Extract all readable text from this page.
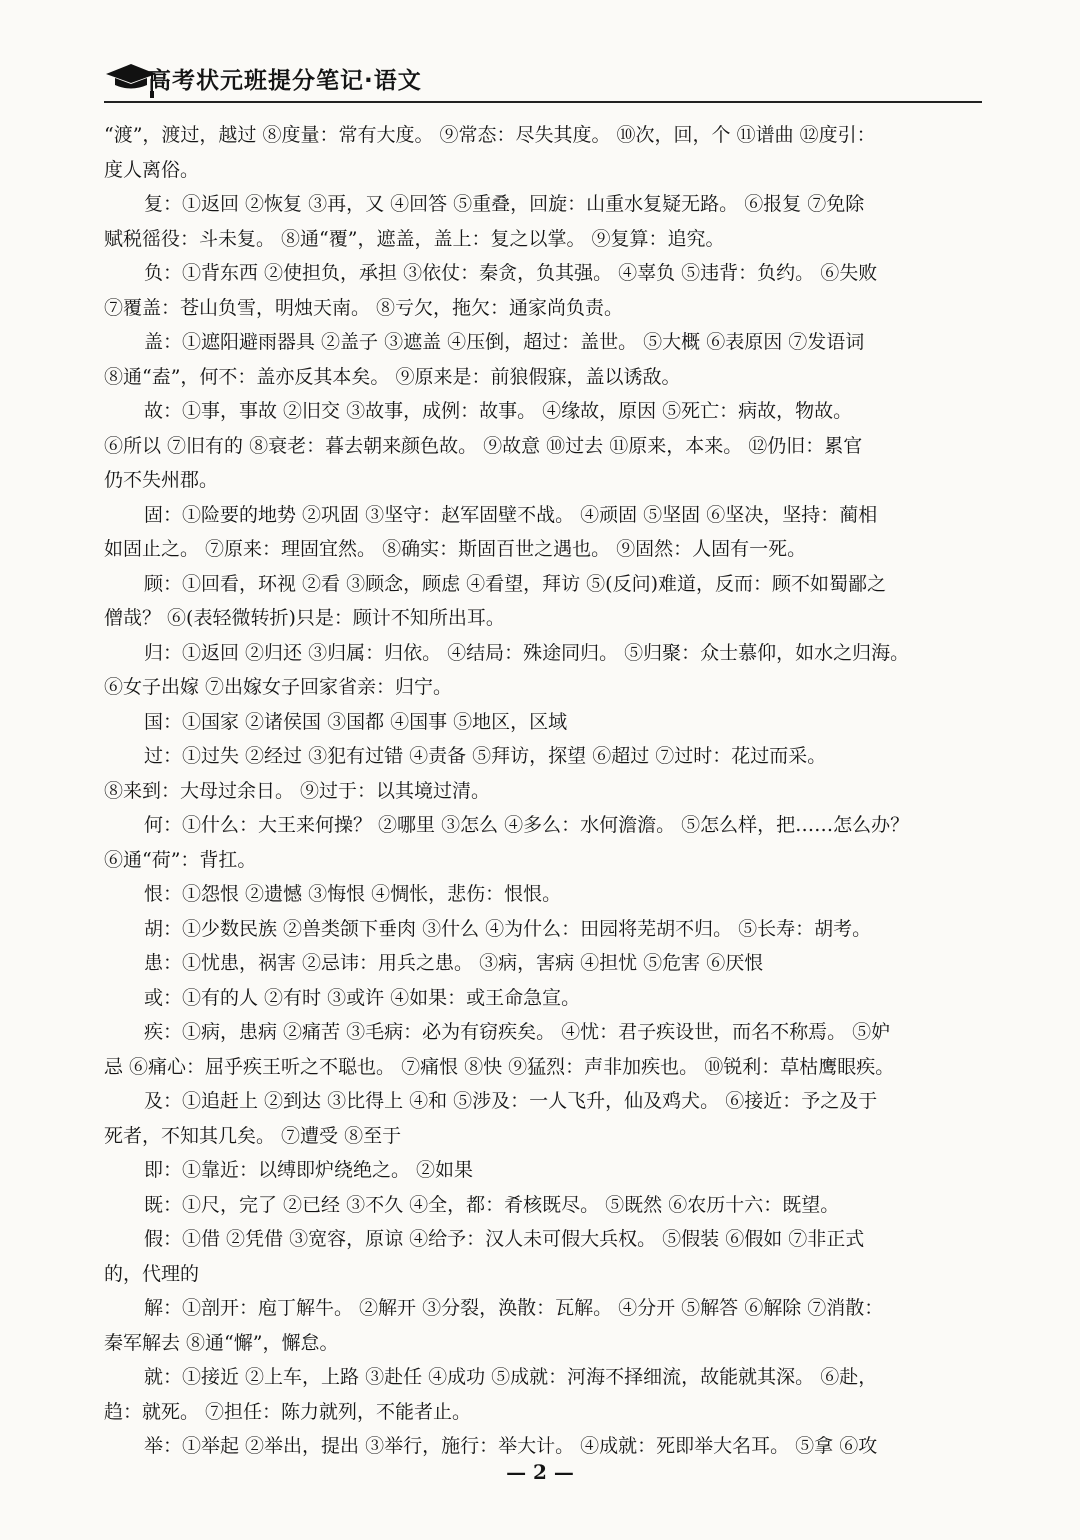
高考状元班提分笔记·语文
“渡”，渡过，越过 ⑧度量：常有大度。 ⑨常态：尽失其度。 ⑩次，回，个 ⑪谱曲 ⑫度引：
度人离俗。
复：①返回 ②恢复 ③再，又 ④回答 ⑤重叠，回旋：山重水复疑无路。 ⑥报复 ⑦免除
赋税徭役：斗未复。 ⑧通“覆”，遮盖，盖上：复之以掌。 ⑨复算：追究。
负：①背东西 ②使担负，承担 ③依仗：秦贪，负其强。 ④辜负 ⑤违背：负约。 ⑥失败
⑦覆盖：苍山负雪，明烛天南。 ⑧亏欠，拖欠：通家尚负责。
盖：①遮阳避雨器具 ②盖子 ③遮盖 ④压倒，超过：盖世。 ⑤大概 ⑥表原因 ⑦发语词
⑧通“盍”，何不：盖亦反其本矣。 ⑨原来是：前狼假寐，盖以诱敌。
故：①事，事故 ②旧交 ③故事，成例：故事。 ④缘故，原因 ⑤死亡：病故，物故。
⑥所以 ⑦旧有的 ⑧衰老：暮去朝来颜色故。 ⑨故意 ⑩过去 ⑪原来，本来。 ⑫仍旧：累官
仍不失州郡。
固：①险要的地势 ②巩固 ③坚守：赵军固壁不战。 ④顽固 ⑤坚固 ⑥坚决，坚持：蔺相
如固止之。 ⑦原来：理固宜然。 ⑧确实：斯固百世之遇也。 ⑨固然：人固有一死。
顾：①回看，环视 ②看 ③顾念，顾虑 ④看望，拜访 ⑤(反问)难道，反而：顾不如蜀鄙之
僧哉？ ⑥(表轻微转折)只是：顾计不知所出耳。
归：①返回 ②归还 ③归属：归依。 ④结局：殊途同归。 ⑤归聚：众士慕仰，如水之归海。
⑥女子出嫁 ⑦出嫁女子回家省亲：归宁。
国：①国家 ②诸侯国 ③国都 ④国事 ⑤地区，区域
过：①过失 ②经过 ③犯有过错 ④责备 ⑤拜访，探望 ⑥超过 ⑦过时：花过而采。
⑧来到：大母过余日。 ⑨过于：以其境过清。
何：①什么：大王来何操？ ②哪里 ③怎么 ④多么：水何澹澹。 ⑤怎么样，把……怎么办？
⑥通“荷”：背扛。
恨：①怨恨 ②遗憾 ③悔恨 ④惆怅，悲伤：恨恨。
胡：①少数民族 ②兽类颌下垂肉 ③什么 ④为什么：田园将芜胡不归。 ⑤长寿：胡考。
患：①忧患，祸害 ②忌讳：用兵之患。 ③病，害病 ④担忧 ⑤危害 ⑥厌恨
或：①有的人 ②有时 ③或许 ④如果：或王命急宣。
疾：①病，患病 ②痛苦 ③毛病：必为有窃疾矣。 ④忧：君子疾设世，而名不称焉。 ⑤妒
忌 ⑥痛心：屈乎疾王听之不聪也。 ⑦痛恨 ⑧快 ⑨猛烈：声非加疾也。 ⑩锐利：草枯鹰眼疾。
及：①追赶上 ②到达 ③比得上 ④和 ⑤涉及：一人飞升，仙及鸡犬。 ⑥接近：予之及于
死者，不知其几矣。 ⑦遭受 ⑧至于
即：①靠近：以缚即炉绕绝之。 ②如果
既：①尺，完了 ②已经 ③不久 ④全，都：肴核既尽。 ⑤既然 ⑥农历十六：既望。
假：①借 ②凭借 ③宽容，原谅 ④给予：汉人未可假大兵权。 ⑤假装 ⑥假如 ⑦非正式
的，代理的
解：①剖开：庖丁解牛。 ②解开 ③分裂，涣散：瓦解。 ④分开 ⑤解答 ⑥解除 ⑦消散：
秦军解去 ⑧通“懈”，懈怠。
就：①接近 ②上车，上路 ③赴任 ④成功 ⑤成就：河海不择细流，故能就其深。 ⑥赴，
趋：就死。 ⑦担任：陈力就列，不能者止。
举：①举起 ②举出，提出 ③举行，施行：举大计。 ④成就：死即举大名耳。 ⑤拿 ⑥攻
— 2 —
